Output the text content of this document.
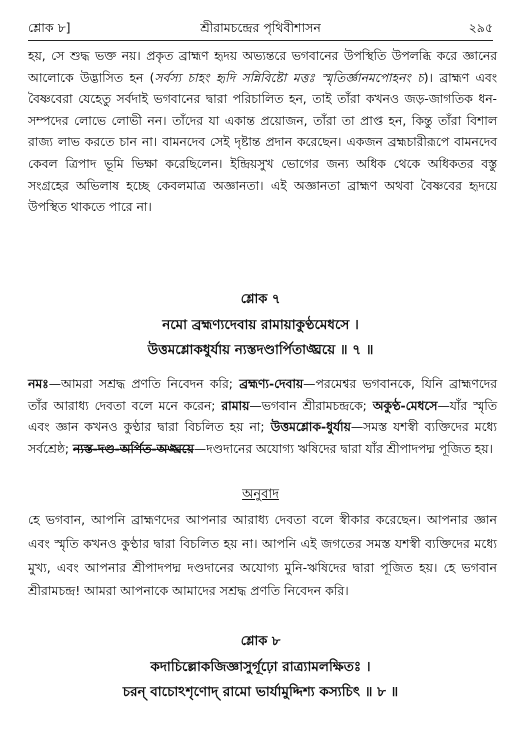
শ্লোক ৮]	শ্রীরামচন্দ্রের পৃথিবীশাসন	২৯৫

হয়, সে শুদ্ধ ভক্ত নয়। প্রকৃত ব্রাহ্মণ হৃদয় অভ্যন্তরে ভগবানের উপস্থিতি উপলব্ধি করে জ্ঞানের আলোকে উদ্ভাসিত হন (সর্বস্য চাহং হৃদি সন্নিবিষ্টো মত্তঃ স্মৃতির্জ্ঞানমপোহনং চ)। ব্রাহ্মণ এবং বৈষ্ণবেরা যেহেতু সর্বদাই ভগবানের দ্বারা পরিচালিত হন, তাই তাঁরা কখনও জড়-জাগতিক ধন-সম্পদের লোভে লোভী নন। তাঁদের যা একান্ত প্রয়োজন, তাঁরা তা প্রাপ্ত হন, কিন্তু তাঁরা বিশাল রাজ্য লাভ করতে চান না। বামনদেব সেই দৃষ্টান্ত প্রদান করেছেন। একজন ব্রহ্মচারীরূপে বামনদেব কেবল ত্রিপাদ ভূমি ভিক্ষা করেছিলেন। ইন্দ্রিয়সুখ ভোগের জন্য অধিক থেকে অধিকতর বস্তু সংগ্রহের অভিলাষ হচ্ছে কেবলমাত্র অজ্ঞানতা। এই অজ্ঞানতা ব্রাহ্মণ অথবা বৈষ্ণবের হৃদয়ে উপস্থিত থাকতে পারে না।

শ্লোক ৭

নমো ব্রহ্মণ্যদেবায় রামায়াকুণ্ঠমেধসে ।

উত্তমশ্লোকধুর্যায় ন্যস্তদণ্ডার্পিতাঙ্ঘ্রয়ে ॥ ৭ ॥

নমঃ—আমরা সশ্রদ্ধ প্রণতি নিবেদন করি; ব্রহ্মণ্য-দেবায়—পরমেশ্বর ভগবানকে, যিনি ব্রাহ্মণদের তাঁর আরাধ্য দেবতা বলে মনে করেন; রামায়—ভগবান শ্রীরামচন্দ্রকে; অকুণ্ঠ-মেধসে—যাঁর স্মৃতি এবং জ্ঞান কখনও কুণ্ঠার দ্বারা বিচলিত হয় না; উত্তমশ্লোক-ধুর্যায়—সমস্ত যশস্বী ব্যক্তিদের মধ্যে সর্বশ্রেষ্ঠ; ন্যস্ত-দণ্ড-অর্পিত-অঙ্ঘ্রয়ে—দণ্ডদানের অযোগ্য ঋষিদের দ্বারা যাঁর শ্রীপাদপদ্ম পূজিত হয়।

অনুবাদ

হে ভগবান, আপনি ব্রাহ্মণদের আপনার আরাধ্য দেবতা বলে স্বীকার করেছেন। আপনার জ্ঞান এবং স্মৃতি কখনও কুণ্ঠার দ্বারা বিচলিত হয় না। আপনি এই জগতের সমস্ত যশস্বী ব্যক্তিদের মধ্যে মুখ্য, এবং আপনার শ্রীপাদপদ্ম দণ্ডদানের অযোগ্য মুনি-ঋষিদের দ্বারা পূজিত হয়। হে ভগবান শ্রীরামচন্দ্র! আমরা আপনাকে আমাদের সশ্রদ্ধ প্রণতি নিবেদন করি।

শ্লোক ৮

কদাচিল্লোকজিজ্ঞাসুর্গূঢ়ো রাত্র্যামলক্ষিতঃ ।

চরন্ বাচোঽশৃণোদ্ রামো ভার্যামুদ্দিশ্য কস্যচিৎ ॥ ৮ ॥
